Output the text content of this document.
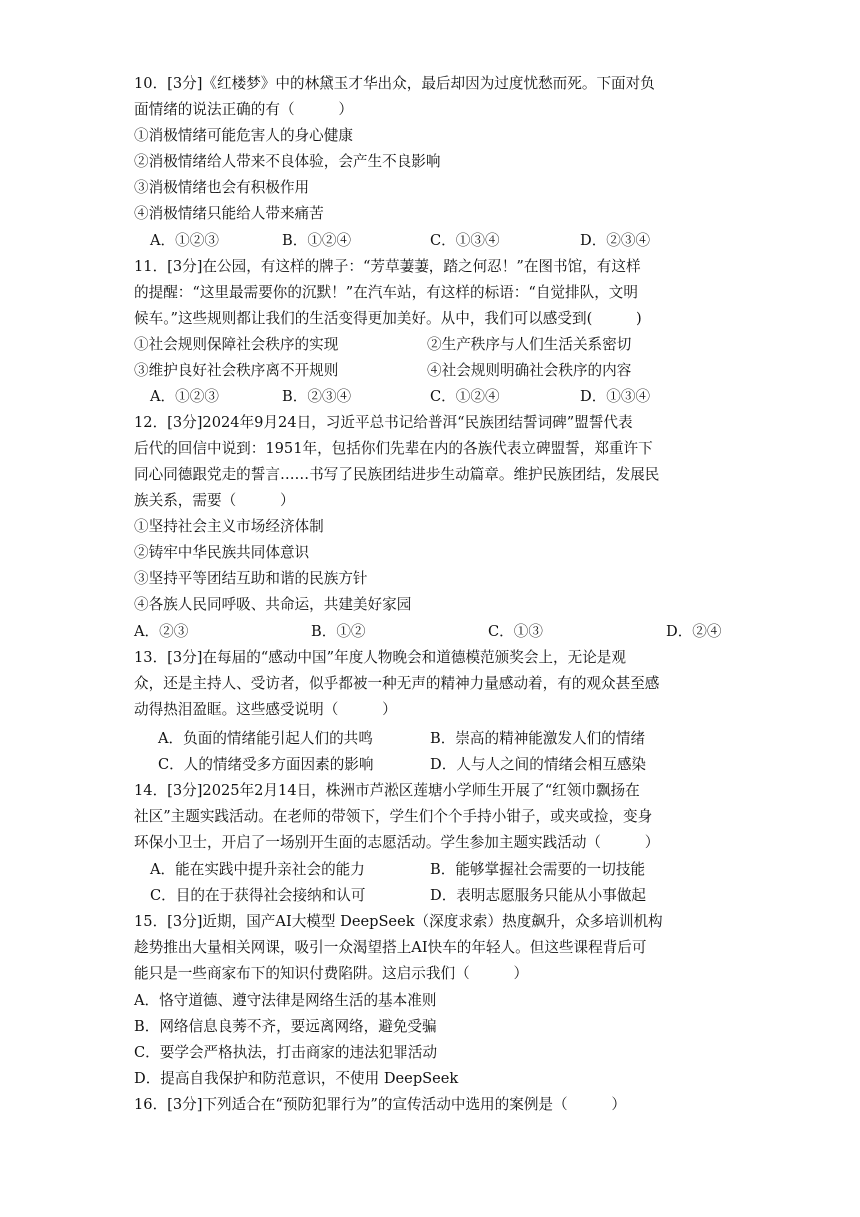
10．[3分]《红楼梦》中的林黛玉才华出众，最后却因为过度忧愁而死。下面对负
面情绪的说法正确的有（　　　）
①消极情绪可能危害人的身心健康
②消极情绪给人带来不良体验，会产生不良影响
③消极情绪也会有积极作用
④消极情绪只能给人带来痛苦
A．①②③	B．①②④	C．①③④	D．②③④
11．[3分]在公园，有这样的牌子：“芳草萋萋，踏之何忍！”在图书馆，有这样
的提醒：“这里最需要你的沉默！”在汽车站，有这样的标语：“自觉排队，文明
候车。”这些规则都让我们的生活变得更加美好。从中，我们可以感受到(　　　)
①社会规则保障社会秩序的实现	②生产秩序与人们生活关系密切
③维护良好社会秩序离不开规则	④社会规则明确社会秩序的内容
A．①②③	B．②③④	C．①②④	D．①③④
12．[3分]2024年9月24日，习近平总书记给普洱“民族团结誓词碑”盟誓代表
后代的回信中说到：1951年，包括你们先辈在内的各族代表立碑盟誓，郑重许下
同心同德跟党走的誓言……书写了民族团结进步生动篇章。维护民族团结，发展民
族关系，需要（　　　）
①坚持社会主义市场经济体制
②铸牢中华民族共同体意识
③坚持平等团结互助和谐的民族方针
④各族人民同呼吸、共命运，共建美好家园
A．②③	B．①②	C．①③	D．②④
13．[3分]在每届的“感动中国”年度人物晚会和道德模范颁奖会上，无论是观
众，还是主持人、受访者，似乎都被一种无声的精神力量感动着，有的观众甚至感
动得热泪盈眶。这些感受说明（　　　）
A．负面的情绪能引起人们的共鸣	B．崇高的精神能激发人们的情绪
C．人的情绪受多方面因素的影响	D．人与人之间的情绪会相互感染
14．[3分]2025年2月14日，株洲市芦淞区莲塘小学师生开展了“红领巾飘扬在
社区”主题实践活动。在老师的带领下，学生们个个手持小钳子，或夹或捡，变身
环保小卫士，开启了一场别开生面的志愿活动。学生参加主题实践活动（　　　）
A．能在实践中提升亲社会的能力	B．能够掌握社会需要的一切技能
C．目的在于获得社会接纳和认可	D．表明志愿服务只能从小事做起
15．[3分]近期，国产AI大模型 DeepSeek（深度求索）热度飙升，众多培训机构
趁势推出大量相关网课，吸引一众渴望搭上AI快车的年轻人。但这些课程背后可
能只是一些商家布下的知识付费陷阱。这启示我们（　　　）
A．恪守道德、遵守法律是网络生活的基本准则
B．网络信息良莠不齐，要远离网络，避免受骗
C．要学会严格执法，打击商家的违法犯罪活动
D．提高自我保护和防范意识，不使用 DeepSeek
16．[3分]下列适合在“预防犯罪行为”的宣传活动中选用的案例是（　　　）
